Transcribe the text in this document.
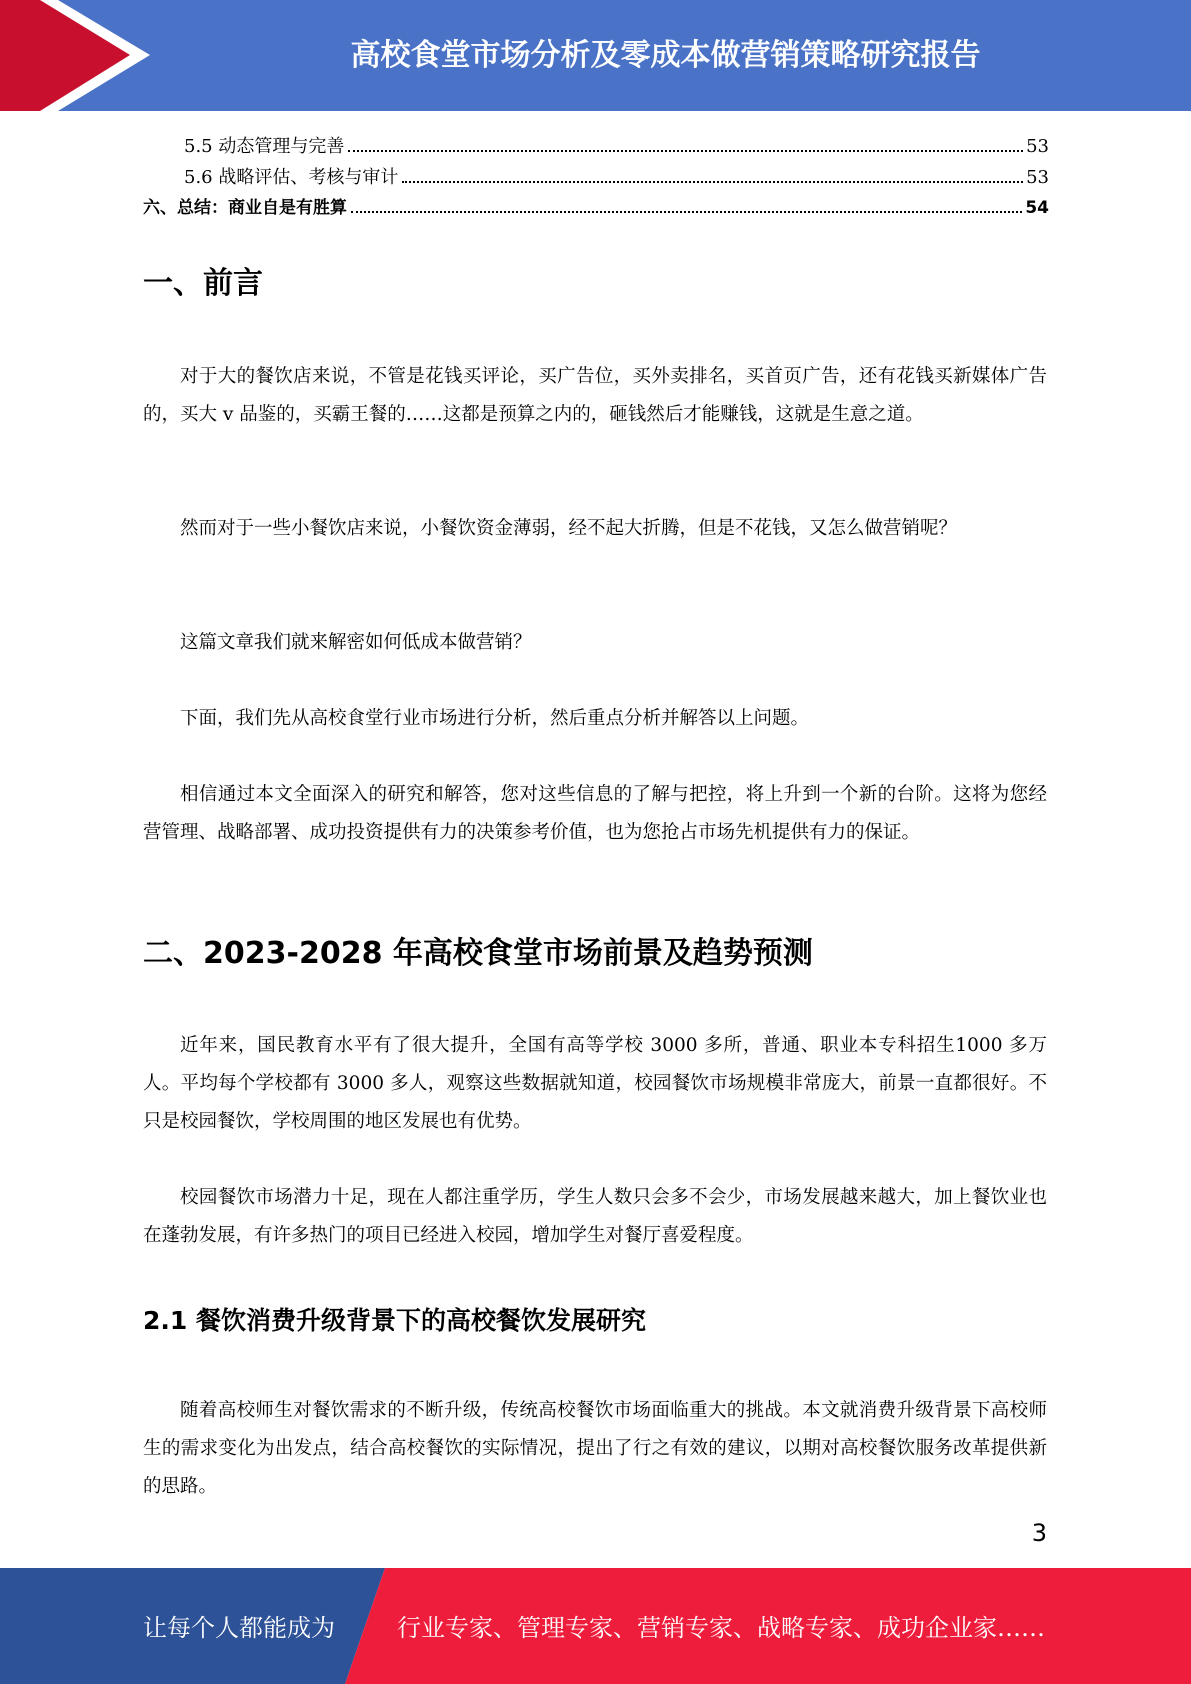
高校食堂市场分析及零成本做营销策略研究报告
5.5 动态管理与完善	53
5.6 战略评估、考核与审计	53
六、总结：商业自是有胜算	54
一、前言

对于大的餐饮店来说，不管是花钱买评论，买广告位，买外卖排名，买首页广告，还有花钱买新媒体广告的，买大 v 品鉴的，买霸王餐的……这都是预算之内的，砸钱然后才能赚钱，这就是生意之道。

然而对于一些小餐饮店来说，小餐饮资金薄弱，经不起大折腾，但是不花钱，又怎么做营销呢？

这篇文章我们就来解密如何低成本做营销？

下面，我们先从高校食堂行业市场进行分析，然后重点分析并解答以上问题。

相信通过本文全面深入的研究和解答，您对这些信息的了解与把控，将上升到一个新的台阶。这将为您经营管理、战略部署、成功投资提供有力的决策参考价值，也为您抢占市场先机提供有力的保证。

二、2023-2028 年高校食堂市场前景及趋势预测

近年来，国民教育水平有了很大提升，全国有高等学校 3000 多所，普通、职业本专科招生1000 多万人。平均每个学校都有 3000 多人，观察这些数据就知道，校园餐饮市场规模非常庞大，前景一直都很好。不只是校园餐饮，学校周围的地区发展也有优势。

校园餐饮市场潜力十足，现在人都注重学历，学生人数只会多不会少，市场发展越来越大，加上餐饮业也在蓬勃发展，有许多热门的项目已经进入校园，增加学生对餐厅喜爱程度。

2.1 餐饮消费升级背景下的高校餐饮发展研究

随着高校师生对餐饮需求的不断升级，传统高校餐饮市场面临重大的挑战。本文就消费升级背景下高校师生的需求变化为出发点，结合高校餐饮的实际情况，提出了行之有效的建议，以期对高校餐饮服务改革提供新的思路。

3
让每个人都能成为	行业专家、管理专家、营销专家、战略专家、成功企业家……
